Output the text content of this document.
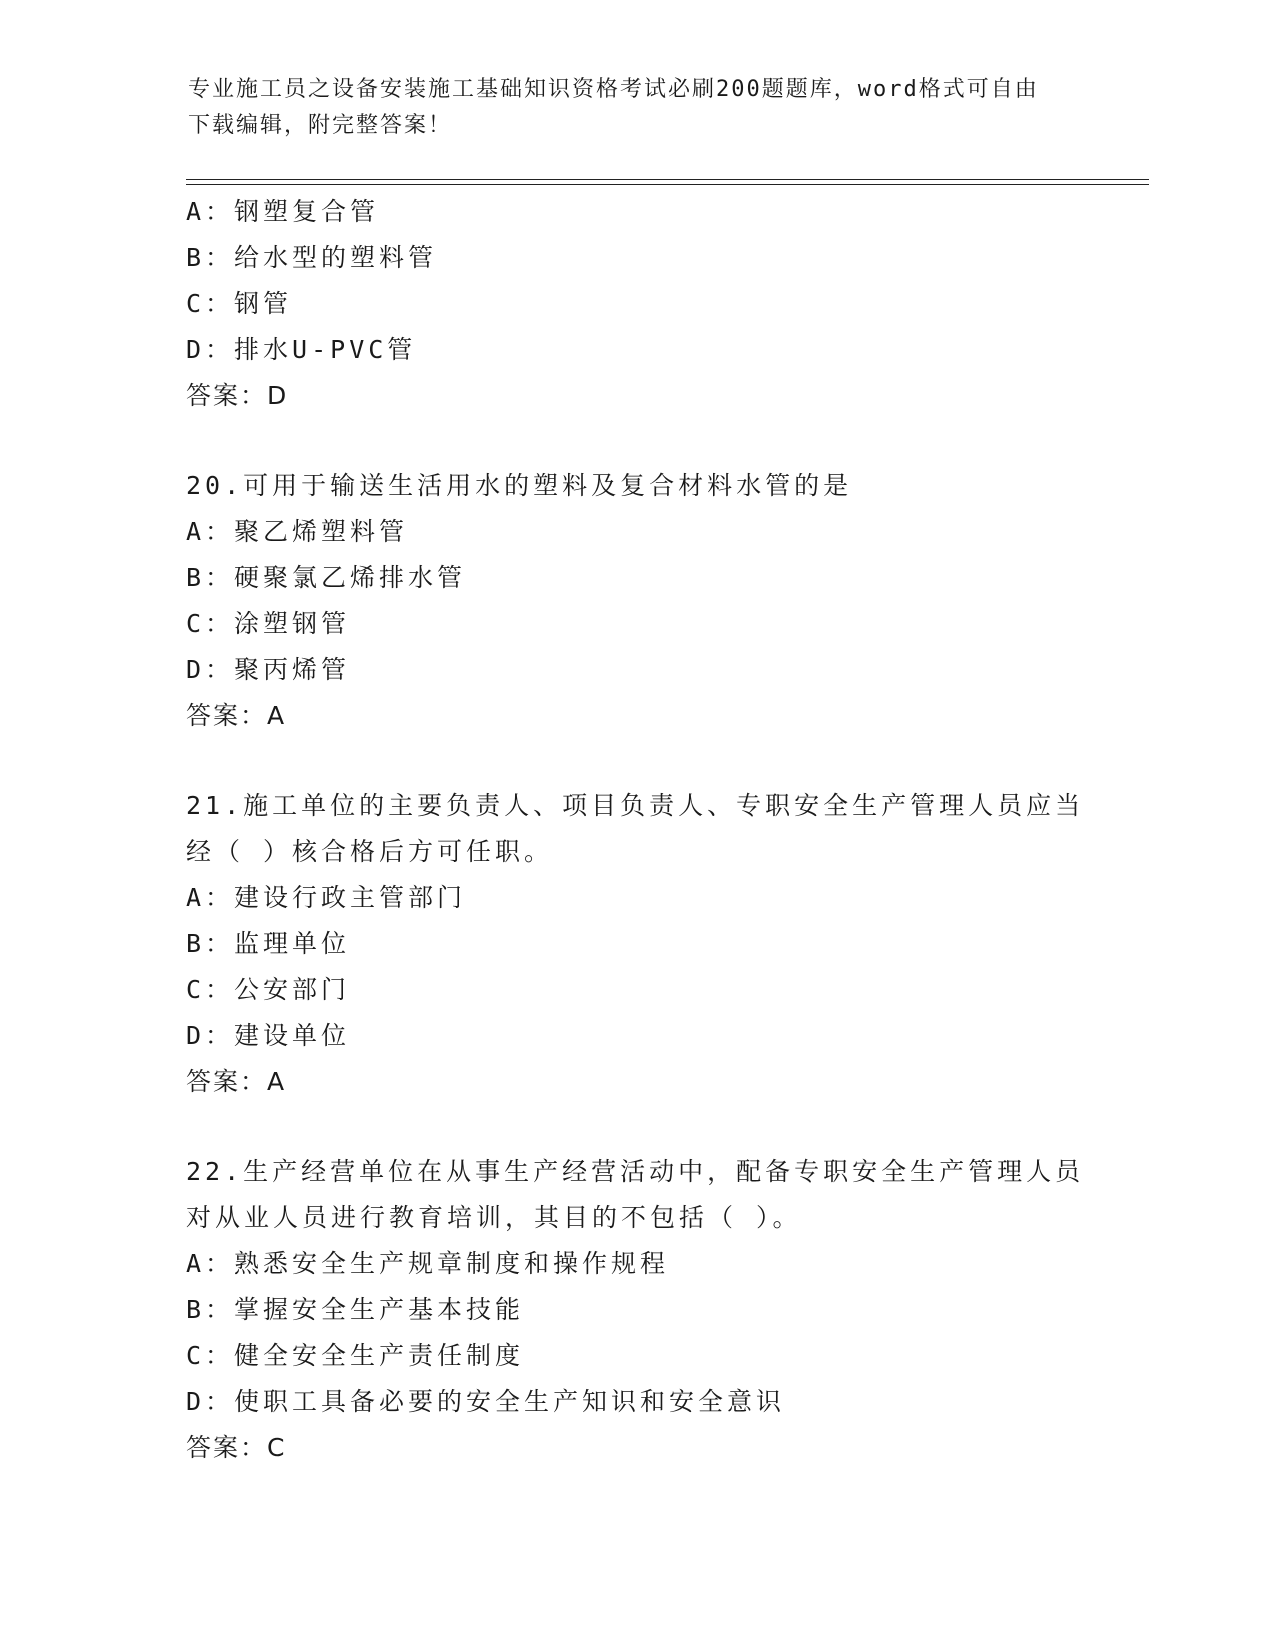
专业施工员之设备安装施工基础知识资格考试必刷200题题库，word格式可自由
下载编辑，附完整答案！
A：钢塑复合管
B：给水型的塑料管
C：钢管
D：排水U-PVC管
答案：D
20.可用于输送生活用水的塑料及复合材料水管的是
A：聚乙烯塑料管
B：硬聚氯乙烯排水管
C：涂塑钢管
D：聚丙烯管
答案：A
21.施工单位的主要负责人、项目负责人、专职安全生产管理人员应当
经（ ）核合格后方可任职。
A：建设行政主管部门
B：监理单位
C：公安部门
D：建设单位
答案：A
22.生产经营单位在从事生产经营活动中，配备专职安全生产管理人员
对从业人员进行教育培训，其目的不包括（ ）。
A：熟悉安全生产规章制度和操作规程
B：掌握安全生产基本技能
C：健全安全生产责任制度
D：使职工具备必要的安全生产知识和安全意识
答案：C
